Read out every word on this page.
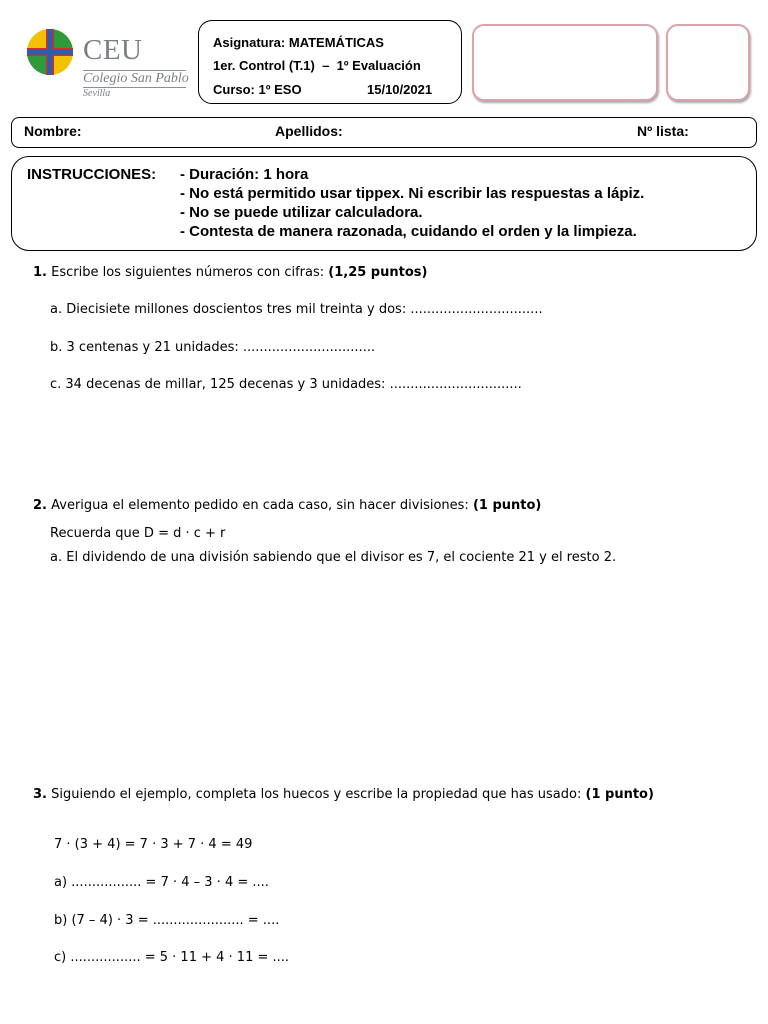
CEU
Colegio San Pablo
Sevilla
Asignatura: MATEMÁTICAS
1er. Control (T.1) – 1º Evaluación
Curso: 1º ESO	15/10/2021
Nombre:	Apellidos:	Nº lista:
INSTRUCCIONES: - Duración: 1 hora
- No está permitido usar tippex. Ni escribir las respuestas a lápiz.
- No se puede utilizar calculadora.
- Contesta de manera razonada, cuidando el orden y la limpieza.
1. Escribe los siguientes números con cifras: (1,25 puntos)
a. Diecisiete millones doscientos tres mil treinta y dos: ................................
b. 3 centenas y 21 unidades: ................................
c. 34 decenas de millar, 125 decenas y 3 unidades: ................................
2. Averigua el elemento pedido en cada caso, sin hacer divisiones: (1 punto)
Recuerda que D = d · c + r
a. El dividendo de una división sabiendo que el divisor es 7, el cociente 21 y el resto 2.
3. Siguiendo el ejemplo, completa los huecos y escribe la propiedad que has usado: (1 punto)
7 · (3 + 4) = 7 · 3 + 7 · 4 = 49
a) ................. = 7 · 4 – 3 · 4 = ....
b) (7 – 4) · 3 = ...................... = ....
c) ................. = 5 · 11 + 4 · 11 = ....
